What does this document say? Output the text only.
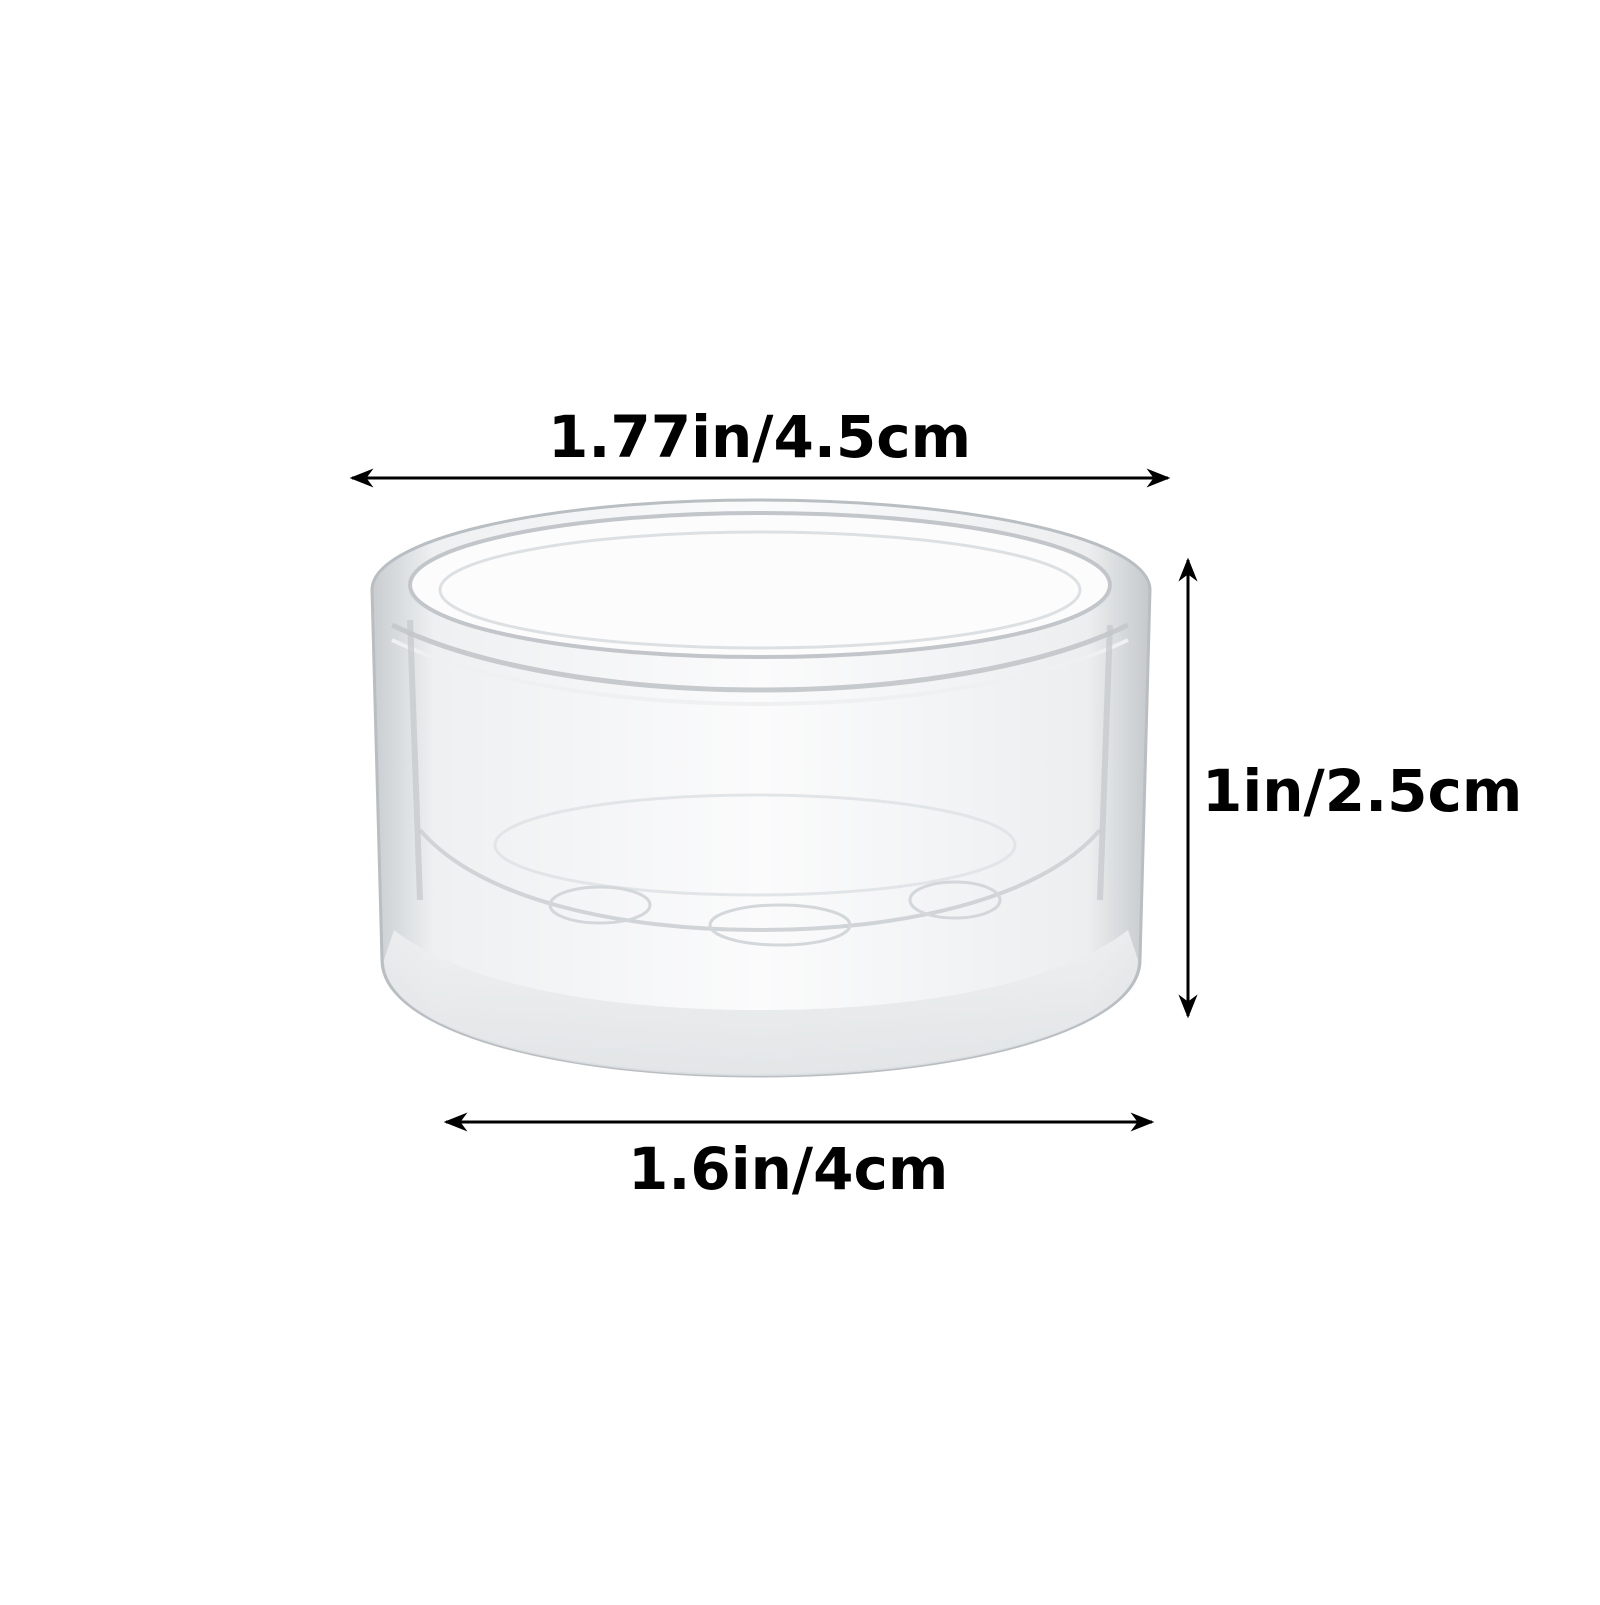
1.77in/4.5cm
1in/2.5cm
1.6in/4cm
